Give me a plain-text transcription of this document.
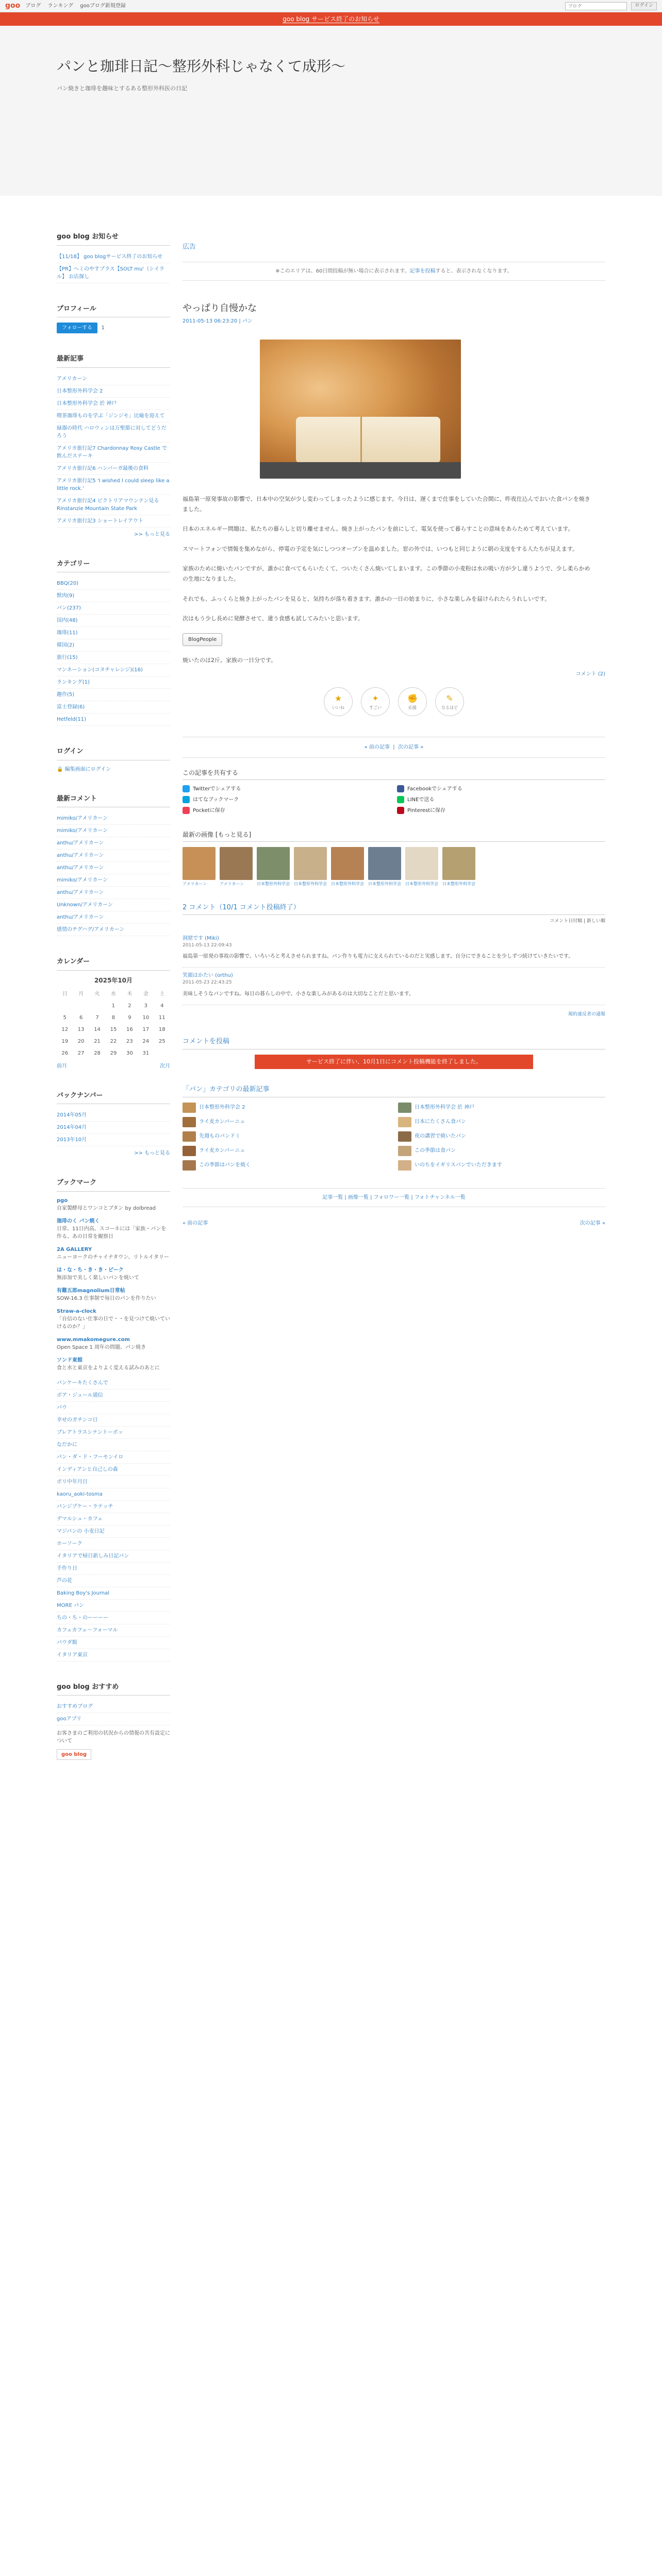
goo ブログ ランキング gooブログ新規登録
ブログ	ログイン
goo blog サービス終了のお知らせ
パンと珈琲日記〜整形外科じゃなくて成形〜
パン焼きと珈琲を趣味とするある整形外科医の日記
goo blog お知らせ
【11/18】 goo blogサービス終了のお知らせ
【PR】ヘミのやすプラス【SOLT mu'（シイラル】 お店探し
プロフィール
フォローする 1
最新記事
アメリカーン
日本整形外科学会 2
日本整形外科学会 於 神戸
喫茶珈琲ものを学ぶ「ジンジモ」比喩を迎えて
緑器の時代 ハロウィンは万聖節に対してどうだろう
アメリカ旅行記7 Chardonnay Rosy Castle で飲んだステーキ
アメリカ旅行記6 ハンバーガ最後の食料
アメリカ旅行記5 'I wished I could sleep like a little rock.'
アメリカ旅行記4 ビクトリアマウンテン見る Rinstanzie Mountain State Park
アメリカ旅行記3 ショートレイアウト
>> もっと見る
カテゴリー
BBQ(20)
獣肉(9)
パン(237)
国内(48)
珈琲(11)
韓国(2)
旅行(15)
マンネーション(コヌチャレンジ)(16)
ランキング(1)
趣作(5)
富士登録(6)
Hetfeld(11)
ログイン
🔒 編集画面にログイン
最新コメント
mimiko/アメリカーン
mimiko/アメリカーン
anthu/アメリカーン
anthu/アメリカーン
anthu/アメリカーン
mimiko/アメリカーン
anthu/アメリカーン
Unknown/アメリカーン
anthu/アメリカーン
感情のチグハグ/アメリカーン
カレンダー
2025年10月
日	月	火	水	木	金	土
			1	2	3	4
5	6	7	8	9	10	11
12	13	14	15	16	17	18
19	20	21	22	23	24	25
26	27	28	29	30	31	
前月	次月
バックナンバー
2014年05月
2014年04月
2013年10月
>> もっと見る
ブックマーク
pgo
自家製酵母とワンコとブタン by dolbread
珈琲のく パン焼く
日常、11日内高、スコーネには「家族・パンを作る、あの日常を観察日
2A GALLERY
ニューヨークのチャイナタウン、リトルイタリー
は・な・ち・き・き・ピーク
無添加で美しく楽しいパンを焼いて
有難五郎magnolium日常帖
SOW-16.3 仕事制で毎日のパンを作りたい
Straw-a-clock
「自信のない仕事の日で・・を見つけて焼いていけるのか？」
www.mmakomegure.com
Open Space 1 周年の問題、パン焼き
ソンド東館
食と水と東京をよりよく変える試みのあとに
パンケーキたくさんで
ボア・ジュール通信
パウ
幸せのガチンコ日
プレアトラスシナントーボッ
なだかに
パン・ダ・ド・フーモンイロ
インディアンと自己しの森
ポリ中年月日
kaoru_aoki-tosma
パンジプケー・ラテッチ
デマルシュ・カフェ
マジパンの 小麦日記
ホーソーク
イタリアで帰日新しみ日記パン
手作り日
芦の花
Baking Boy's Journal
MORE パン
ちの・ち・のーーーー
カフェカフェ〜フォーマル
パウダ館
イタリア東京
goo blog おすすめ
おすすめブログ
gooアプリ
お客さまのご利用の状況からの情報の共有設定について
goo blog
広告
※このエリアは、60日間投稿が無い場合に表示されます。記事を投稿すると、表示されなくなります。
やっぱり自慢かな
2011-05-13 06:23:20 | パン

福島第一原発事故の影響で、日本中の空気が少し変わってしまったように感じます。今日は、遅くまで仕事をしていた合間に、昨夜仕込んでおいた食パンを焼きました。

日本のエネルギー問題は、私たちの暮らしと切り離せません。焼き上がったパンを前にして、電気を使って暮らすことの意味をあらためて考えています。

スマートフォンで情報を集めながら、停電の予定を気にしつつオーブンを温めました。窓の外では、いつもと同じように朝の支度をする人たちが見えます。

家族のために焼いたパンですが、誰かに食べてもらいたくて、ついたくさん焼いてしまいます。この季節の小麦粉は水の吸い方が少し違うようで、少し柔らかめの生地になりました。

それでも、ふっくらと焼き上がったパンを見ると、気持ちが落ち着きます。誰かの一日の始まりに、小さな楽しみを届けられたらうれしいです。

次はもう少し長めに発酵させて、違う食感も試してみたいと思います。

BlogPeople

焼いたのは2斤。家族の一日分です。

コメント (2)
★
いいね
✦
すごい
✊
応援
✎
なるほど
« 前の記事  |  次の記事 »
この記事を共有する
Twitterでシェアする	Facebookでシェアする
はてなブックマーク	LINEで送る
Pocketに保存	Pinterestに保存
最新の画像 [もっと見る]
アメリカーン	アメリカーン	日本整形外科学会 日本整形外科学会 日本整形外科学会 日本整形外科学会 日本整形外科学会 日本整形外科学会
2 コメント（10/1 コメント投稿終了）
コメント日付順 | 新しい順
洞窟です (Miki)
2011-05-13 22:09:43
福島第一原発の事故の影響で、いろいろと考えさせられますね。パン作りも電力に支えられているのだと実感します。自分にできることを少しずつ続けていきたいです。
笑顔はかたい (orthu)
2011-05-23 22:43:25
美味しそうなパンですね。毎日の暮らしの中で、小さな楽しみがあるのは大切なことだと思います。
規約違反者の通報
コメントを投稿
サービス終了に伴い、10月1日にコメント投稿機能を終了しました。
「パン」カテゴリの最新記事
日本整形外科学会 2	日本整形外科学会 於 神戸
ライ麦カンパーニュ	日本にたくさん食パン
先週ものパンドミ	夜の講習で焼いたパン
ライ麦カンパーニュ	この季節は食パン
この季節はパンを焼く	いのちをイギリスパンでいただきます
記事一覧 | 画像一覧 | フォロワー一覧 | フォトチャンネル一覧
« 前の記事	次の記事 »
